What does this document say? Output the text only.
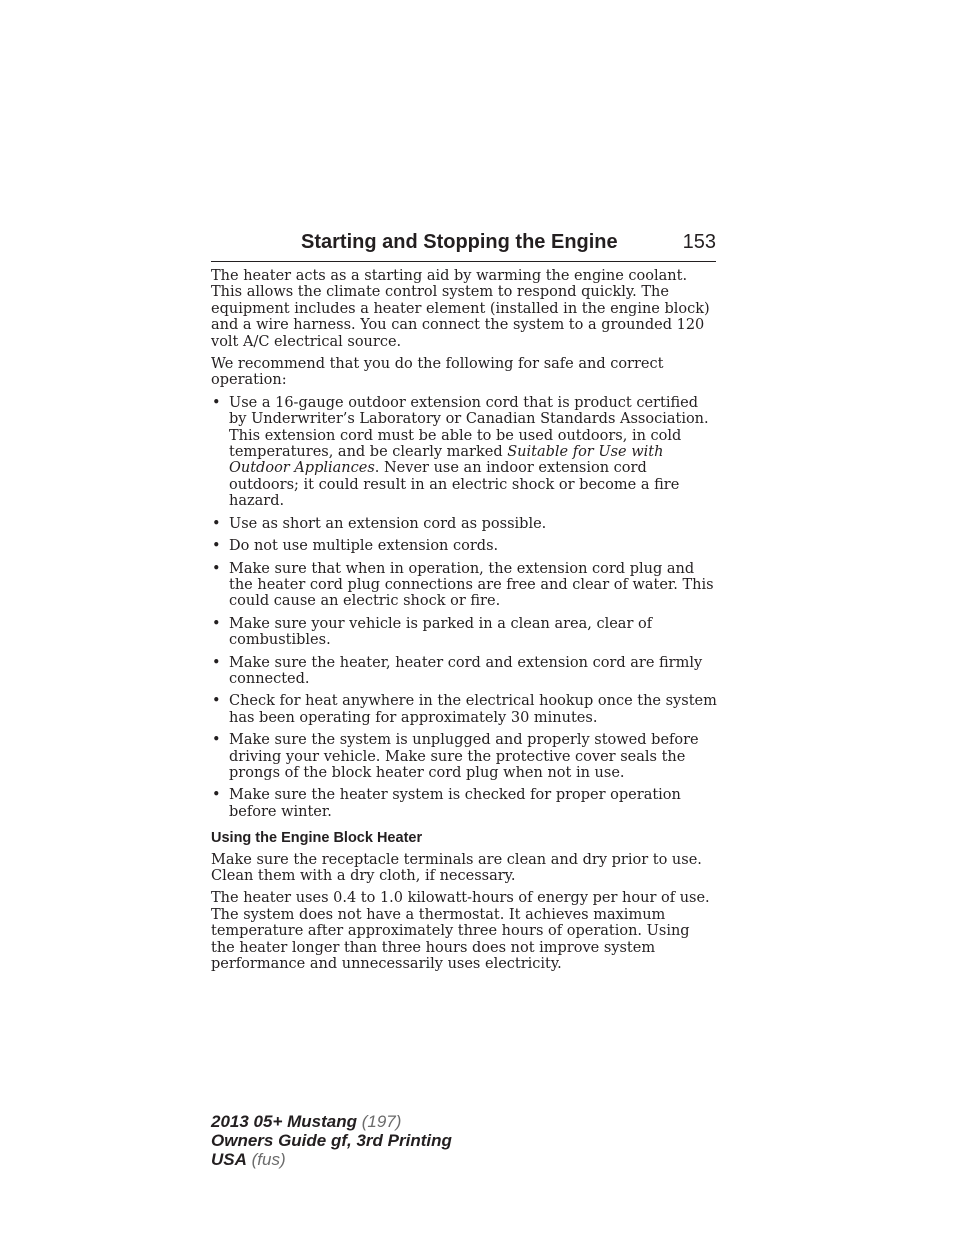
Starting and Stopping the Engine	153

The heater acts as a starting aid by warming the engine coolant. This allows the climate control system to respond quickly. The equipment includes a heater element (installed in the engine block) and a wire harness. You can connect the system to a grounded 120 volt A/C electrical source.

We recommend that you do the following for safe and correct operation:

• Use a 16-gauge outdoor extension cord that is product certified by Underwriter’s Laboratory or Canadian Standards Association. This extension cord must be able to be used outdoors, in cold temperatures, and be clearly marked Suitable for Use with Outdoor Appliances. Never use an indoor extension cord outdoors; it could result in an electric shock or become a fire hazard.
• Use as short an extension cord as possible.
• Do not use multiple extension cords.
• Make sure that when in operation, the extension cord plug and the heater cord plug connections are free and clear of water. This could cause an electric shock or fire.
• Make sure your vehicle is parked in a clean area, clear of combustibles.
• Make sure the heater, heater cord and extension cord are firmly connected.
• Check for heat anywhere in the electrical hookup once the system has been operating for approximately 30 minutes.
• Make sure the system is unplugged and properly stowed before driving your vehicle. Make sure the protective cover seals the prongs of the block heater cord plug when not in use.
• Make sure the heater system is checked for proper operation before winter.
Using the Engine Block Heater

Make sure the receptacle terminals are clean and dry prior to use. Clean them with a dry cloth, if necessary.

The heater uses 0.4 to 1.0 kilowatt-hours of energy per hour of use. The system does not have a thermostat. It achieves maximum temperature after approximately three hours of operation. Using the heater longer than three hours does not improve system performance and unnecessarily uses electricity.

2013 05+ Mustang (197)
Owners Guide gf, 3rd Printing
USA (fus)
